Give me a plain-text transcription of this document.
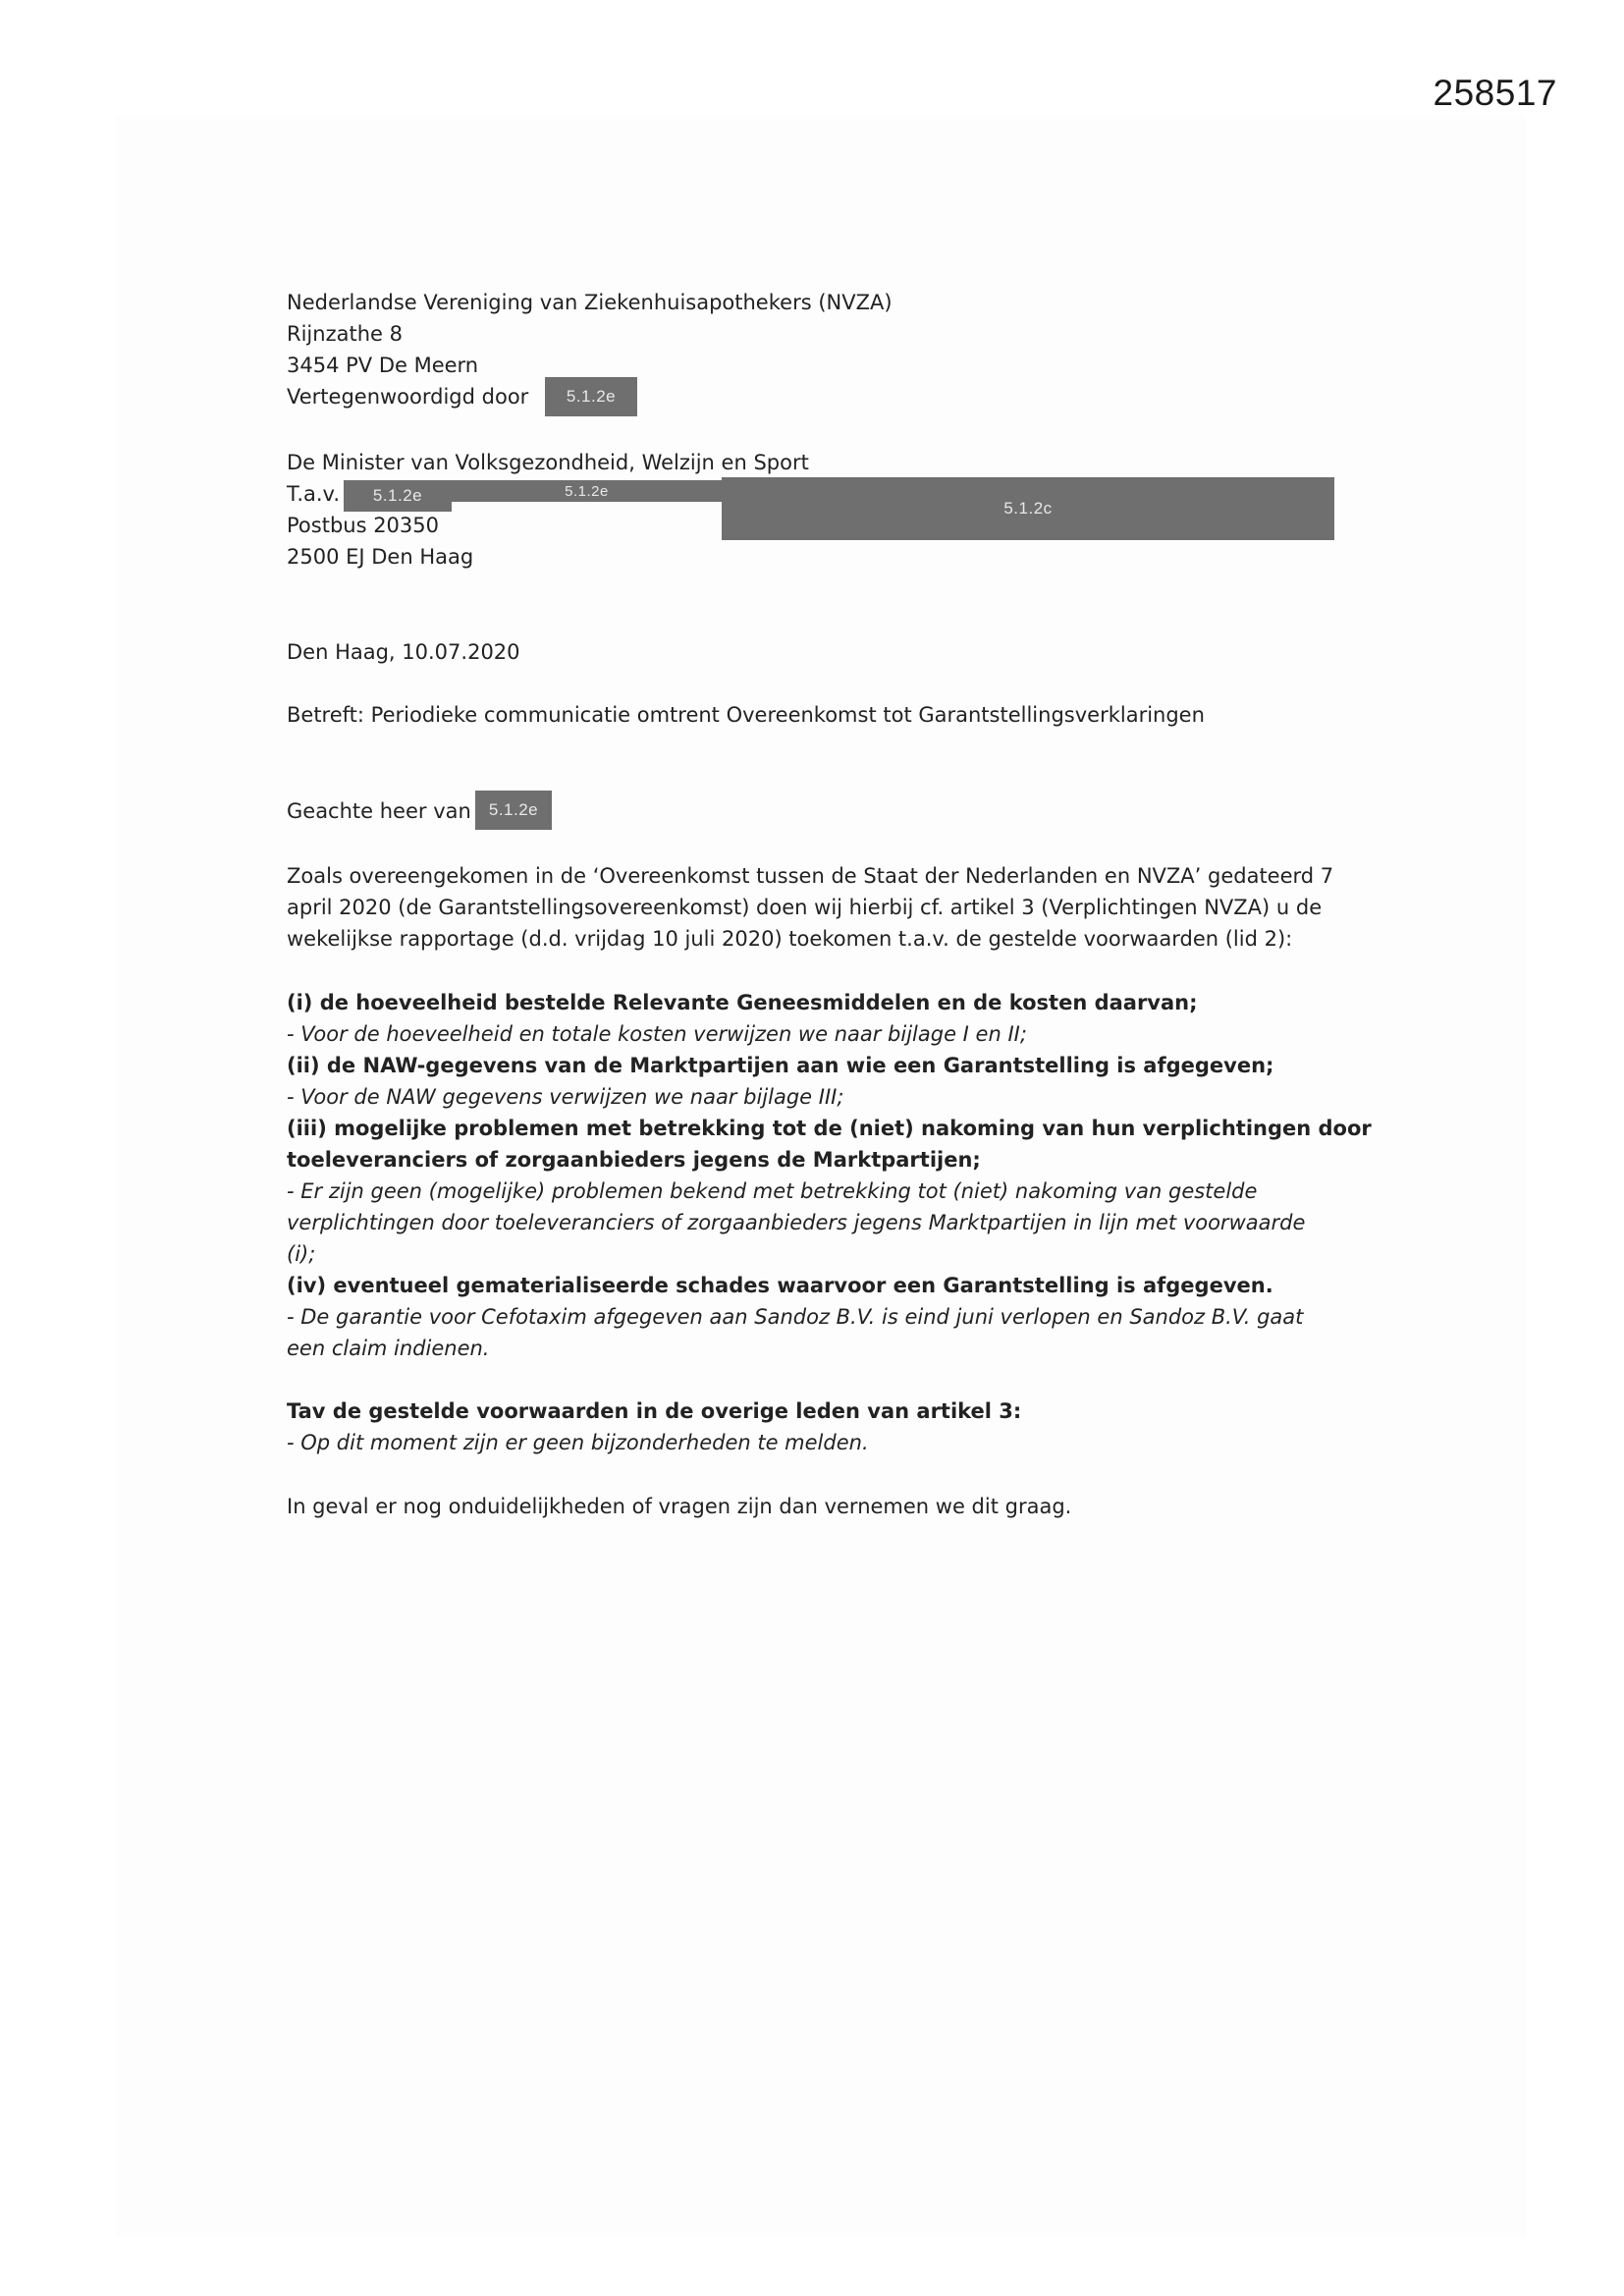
258517
Nederlandse Vereniging van Ziekenhuisapothekers (NVZA)
Rijnzathe 8
3454 PV De Meern
Vertegenwoordigd door	5.1.2e
De Minister van Volksgezondheid, Welzijn en Sport
T.a.v.
Postbus 20350
2500 EJ Den Haag
5.1.2e	5.1.2e
5.1.2c
Den Haag, 10.07.2020
Betreft: Periodieke communicatie omtrent Overeenkomst tot Garantstellingsverklaringen
Geachte heer van	5.1.2e
Zoals overeengekomen in de ‘Overeenkomst tussen de Staat der Nederlanden en NVZA’ gedateerd 7
april 2020 (de Garantstellingsovereenkomst) doen wij hierbij cf. artikel 3 (Verplichtingen NVZA) u de
wekelijkse rapportage (d.d. vrijdag 10 juli 2020) toekomen t.a.v. de gestelde voorwaarden (lid 2):
(i) de hoeveelheid bestelde Relevante Geneesmiddelen en de kosten daarvan;
- Voor de hoeveelheid en totale kosten verwijzen we naar bijlage I en II;
(ii) de NAW-gegevens van de Marktpartijen aan wie een Garantstelling is afgegeven;
- Voor de NAW gegevens verwijzen we naar bijlage III;
(iii) mogelijke problemen met betrekking tot de (niet) nakoming van hun verplichtingen door
toeleveranciers of zorgaanbieders jegens de Marktpartijen;
- Er zijn geen (mogelijke) problemen bekend met betrekking tot (niet) nakoming van gestelde
verplichtingen door toeleveranciers of zorgaanbieders jegens Marktpartijen in lijn met voorwaarde
(i);
(iv) eventueel gematerialiseerde schades waarvoor een Garantstelling is afgegeven.
- De garantie voor Cefotaxim afgegeven aan Sandoz B.V. is eind juni verlopen en Sandoz B.V. gaat
een claim indienen.
Tav de gestelde voorwaarden in de overige leden van artikel 3:
- Op dit moment zijn er geen bijzonderheden te melden.
In geval er nog onduidelijkheden of vragen zijn dan vernemen we dit graag.
